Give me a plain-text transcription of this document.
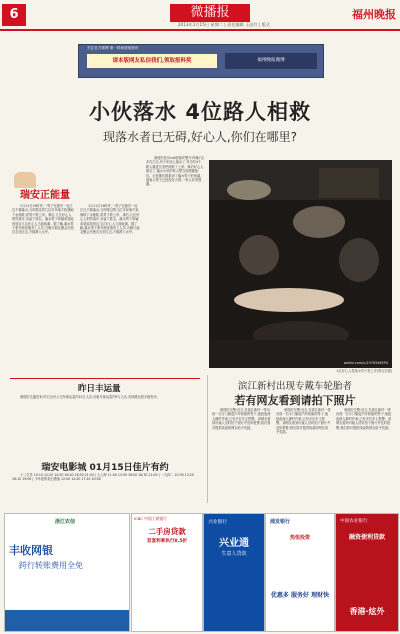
6	微播报
2013年1月15日 星期二 | 责任编辑 王品红 | 版式
福州晚报
关注官方微博 第一时间获取资讯
请本版网友私信我们,领取报料奖	福州晚报微博
小伙落水 4位路人相救
现落水者已无碍,好心人,你们在哪里?
瑞安正能量

1月11日19时许,一男子在瑞安一处江边不慎落水,当时路过的几位市民毫不犹豫地下水施救,将男子救上岸。事后,几位好心人悄然离开,未留下姓名。落水男子家属希望能找到这几位好心人当面致谢。据了解,落水男子系外地来瑞务工人员,当晚与朋友聚会后独自走到江边,不慎滑入水中。

1月11日19时许,一男子在瑞安一处江边不慎落水,当时路过的几位市民毫不犹豫地下水施救,将男子救上岸。事后,几位好心人悄然离开,未留下姓名。落水男子家属希望能找到这几位好心人当面致谢。据了解,落水男子系外地来瑞务工人员,当晚与朋友聚会后独自走到江边,不慎滑入水中。

@瑞安发布call@瑞安警方:昨晚7点多在江边,有个年轻人落水了,旁边有4个路人跳进江里把他救了上来。事后好心人都走了,落水小伙的家人想当面感谢他们。记者随后联系到了落水男子的家属,他表示男子已经没有大碍,一家人非常感激。

weibo.com/u/1976346590
4位好心人将落水男子救上岸(网友拍摄)
滨江新村出现专戴车轮胎者
若有网友看到请拍下照片

@瑞安交警:近日,在滨江新村一带出现一名专门偷盗汽车轮胎的男子,他趁夜深人静时作案,已有多位车主报警。请网友看到可疑人员时拍下照片并及时报警,我们将对提供线索的网友给予奖励。

@瑞安交警:近日,在滨江新村一带出现一名专门偷盗汽车轮胎的男子,他趁夜深人静时作案,已有多位车主报警。请网友看到可疑人员时拍下照片并及时报警,我们将对提供线索的网友给予奖励。

@瑞安交警:近日,在滨江新村一带出现一名专门偷盗汽车轮胎的男子,他趁夜深人静时作案,已有多位车主报警。请网友看到可疑人员时拍下照片并及时报警,我们将对提供线索的网友给予奖励。

昨日丰运量

@瑞安交通发布:昨日全市公交车客运量约12万人次,出租车客运量约5万人次,各线路运营平稳有序。

瑞安电影城 01月15日佳片有约

十二生肖 10:10 12:20 14:30 16:40 18:50 21:00 | 大上海 11:00 13:30 16:00 18:30 21:00 | 一九四二 10:30 13:20 16:10 19:00 | 少年派的奇幻漂流 12:00 14:40 17:20 20:00

浙江农信
丰收网银
跨行转账费用全免
ICBC 中国工商银行
二手房贷款
首套利率执行8.5折
兴业银行
兴业通
生意人贷款
浦发银行
热恒投资
优惠多 服务好 理财快
中国农业银行
融资便利贷款
香港·炫外
